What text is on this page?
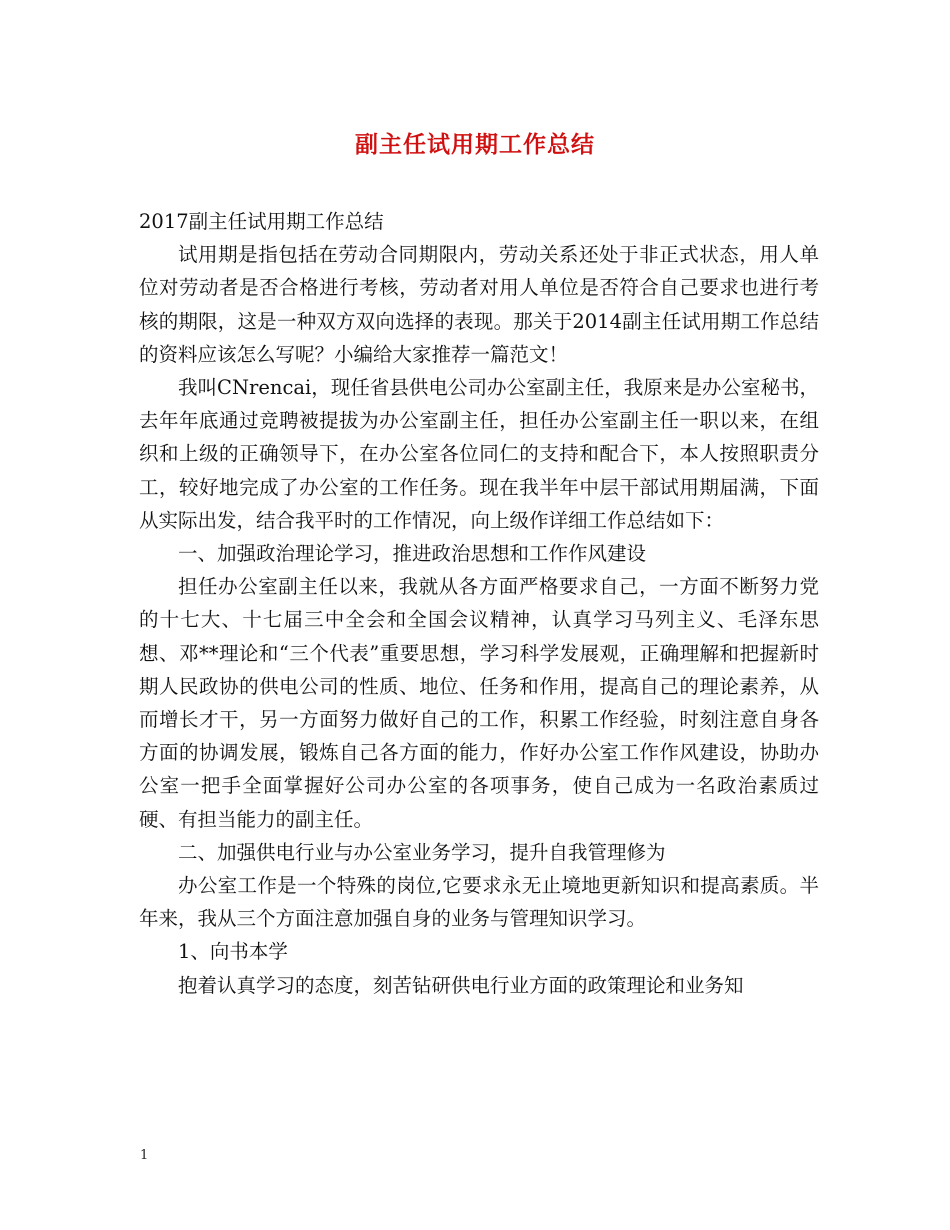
副主任试用期工作总结

2017副主任试用期工作总结

试用期是指包括在劳动合同期限内，劳动关系还处于非正式状态，用人单位对劳动者是否合格进行考核，劳动者对用人单位是否符合自己要求也进行考核的期限，这是一种双方双向选择的表现。那关于2014副主任试用期工作总结的资料应该怎么写呢？小编给大家推荐一篇范文！

我叫CNrencai，现任省县供电公司办公室副主任，我原来是办公室秘书，去年年底通过竞聘被提拔为办公室副主任，担任办公室副主任一职以来，在组织和上级的正确领导下，在办公室各位同仁的支持和配合下，本人按照职责分工，较好地完成了办公室的工作任务。现在我半年中层干部试用期届满，下面从实际出发，结合我平时的工作情况，向上级作详细工作总结如下：

一、加强政治理论学习，推进政治思想和工作作风建设

担任办公室副主任以来，我就从各方面严格要求自己，一方面不断努力党的十七大、十七届三中全会和全国会议精神，认真学习马列主义、毛泽东思想、邓**理论和“三个代表”重要思想，学习科学发展观，正确理解和把握新时期人民政协的供电公司的性质、地位、任务和作用，提高自己的理论素养，从而增长才干，另一方面努力做好自己的工作，积累工作经验，时刻注意自身各方面的协调发展，锻炼自己各方面的能力，作好办公室工作作风建设，协助办公室一把手全面掌握好公司办公室的各项事务，使自己成为一名政治素质过硬、有担当能力的副主任。

二、加强供电行业与办公室业务学习，提升自我管理修为

办公室工作是一个特殊的岗位,它要求永无止境地更新知识和提高素质。半年来，我从三个方面注意加强自身的业务与管理知识学习。

1、向书本学

抱着认真学习的态度，刻苦钻研供电行业方面的政策理论和业务知

1
